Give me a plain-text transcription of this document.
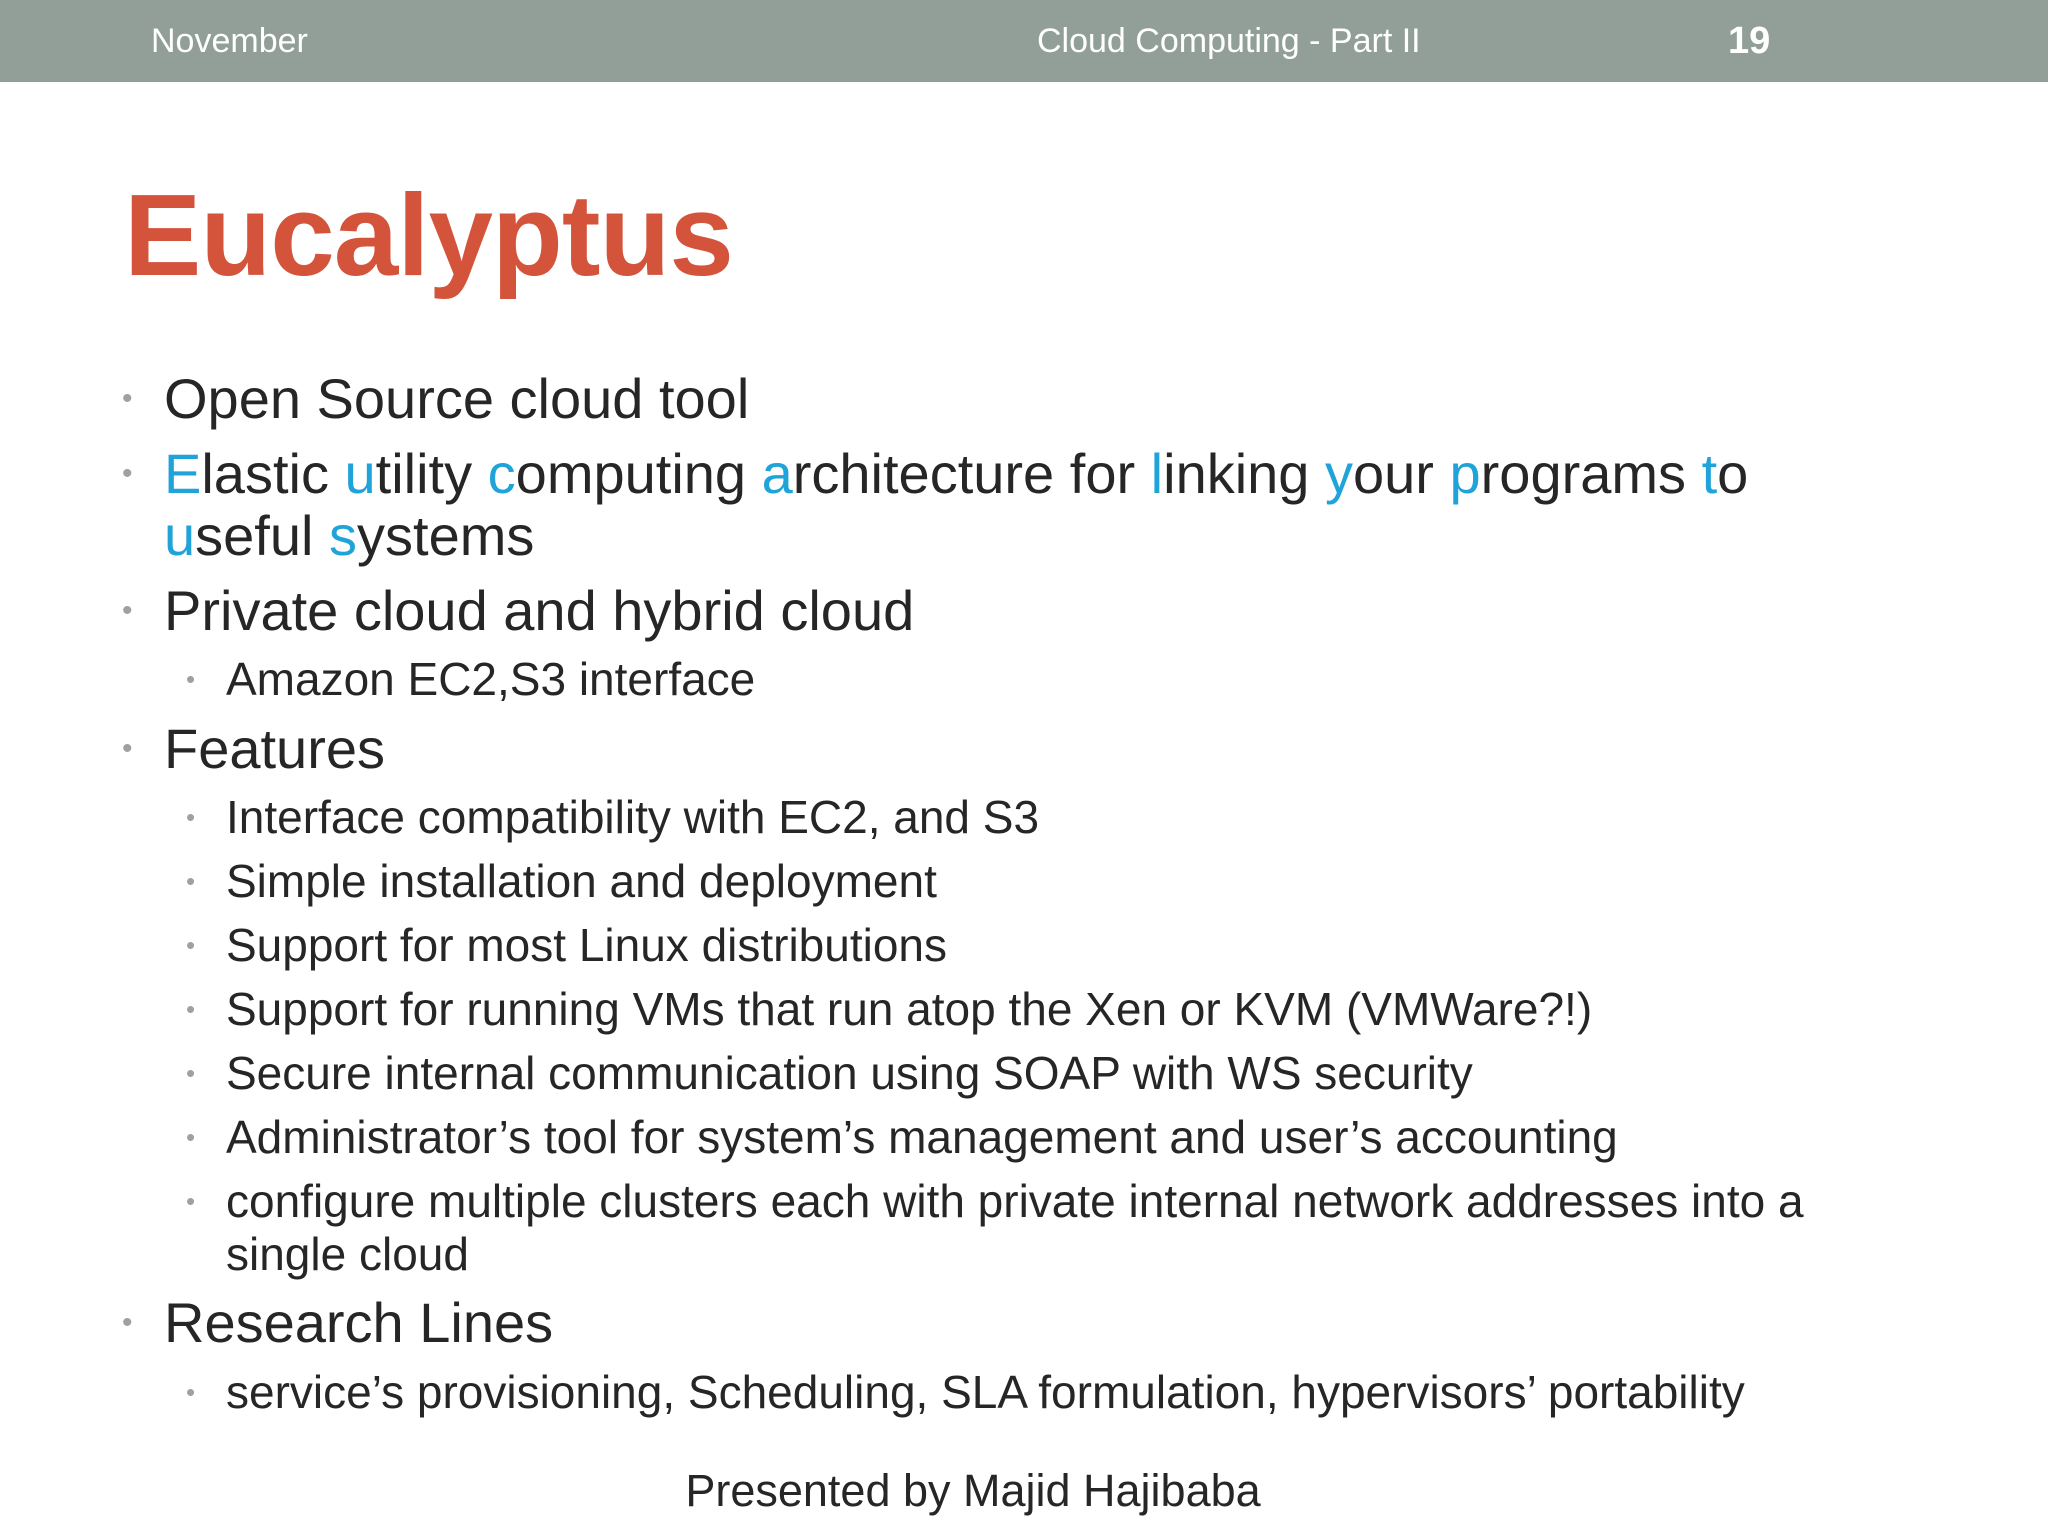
November	Cloud Computing - Part II	19
Eucalyptus

• Open Source cloud tool

• Elastic utility computing architecture for linking your programs to

useful systems

• Private cloud and hybrid cloud

• Amazon EC2,S3 interface

• Features

• Interface compatibility with EC2, and S3

• Simple installation and deployment

• Support for most Linux distributions

• Support for running VMs that run atop the Xen or KVM (VMWare?!)

• Secure internal communication using SOAP with WS security

• Administrator’s tool for system’s management and user’s accounting

• configure multiple clusters each with private internal network addresses into a

single cloud

• Research Lines

• service’s provisioning, Scheduling, SLA formulation, hypervisors’ portability

Presented by Majid Hajibaba
